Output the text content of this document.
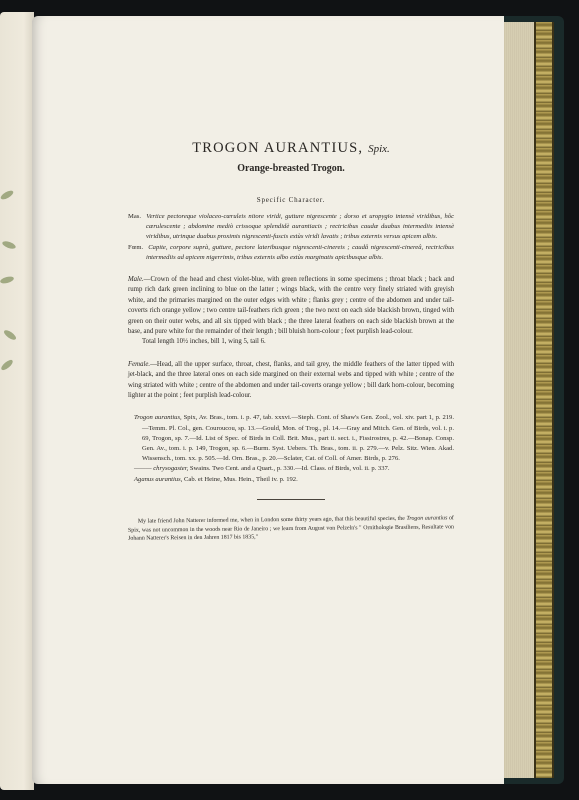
TROGON AURANTIUS, Spix.

Orange-breasted Trogon.

Specific Character.

Mas. Vertice pectoreque violaceo-cæruleis nitore viridi, gutture nigrescente ; dorso et uropygio intensè viridibus, hôc cærulescente ; abdomine mediò crissoque splendidè aurantiacis ; rectricibus caudæ duabus intermediis intensè viridibus, utrinque duabus proximis nigrescenti-fuscis extùs viridi lavatis ; tribus externis versus apicem albis.

Fœm. Capite, corpore suprà, gutture, pectore lateribusque nigrescenti-cinereis ; caudâ nigrescenti-cinereâ, rectricibus intermediis ad apicem nigerrimis, tribus externis albo extùs marginatis apicibusque albis.

Male.—Crown of the head and chest violet-blue, with green reflections in some specimens ; throat black ; back and rump rich dark green inclining to blue on the latter ; wings black, with the centre very finely striated with greyish white, and the primaries margined on the outer edges with white ; flanks grey ; centre of the abdomen and under tail-coverts rich orange yellow ; two centre tail-feathers rich green ; the two next on each side blackish brown, tinged with green on their outer webs, and all six tipped with black ; the three lateral feathers on each side blackish brown at the base, and pure white for the remainder of their length ; bill bluish horn-colour ; feet purplish lead-colour.

Total length 10½ inches, bill 1, wing 5, tail 6.

Female.—Head, all the upper surface, throat, chest, flanks, and tail grey, the middle feathers of the latter tipped with jet-black, and the three lateral ones on each side margined on their external webs and tipped with white ; centre of the wing striated with white ; centre of the abdomen and under tail-coverts orange yellow ; bill dark horn-colour, becoming lighter at the point ; feet purplish lead-colour.

Trogon aurantius, Spix, Av. Bras., tom. i. p. 47, tab. xxxvi.—Steph. Cont. of Shaw's Gen. Zool., vol. xiv. part 1, p. 219.—Temm. Pl. Col., gen. Couroucou, sp. 13.—Gould, Mon. of Trog., pl. 14.—Gray and Mitch. Gen. of Birds, vol. i. p. 69, Trogon, sp. 7.—Id. List of Spec. of Birds in Coll. Brit. Mus., part ii. sect. i., Fissirostres, p. 42.—Bonap. Consp. Gen. Av., tom. i. p. 149, Trogon, sp. 6.—Burm. Syst. Uebers. Th. Bras., tom. ii. p. 279.—v. Pelz. Sitz. Wien. Akad. Wissensch., tom. xx. p. 505.—Id. Orn. Bras., p. 20.—Sclater, Cat. of Coll. of Amer. Birds, p. 276.

——— chrysogaster, Swains. Two Cent. and a Quart., p. 330.—Id. Class. of Birds, vol. ii. p. 337.

Aganus aurantius, Cab. et Heine, Mus. Hein., Theil iv. p. 192.

My late friend John Natterer informed me, when in London some thirty years ago, that this beautiful species, the Trogon aurantius of Spix, was not uncommon in the woods near Rio de Janeiro ; we learn from August von Pelzeln's " Ornithologie Brasiliens, Resultate von Johann Natterer's Reisen in den Jahren 1817 bis 1835,"
